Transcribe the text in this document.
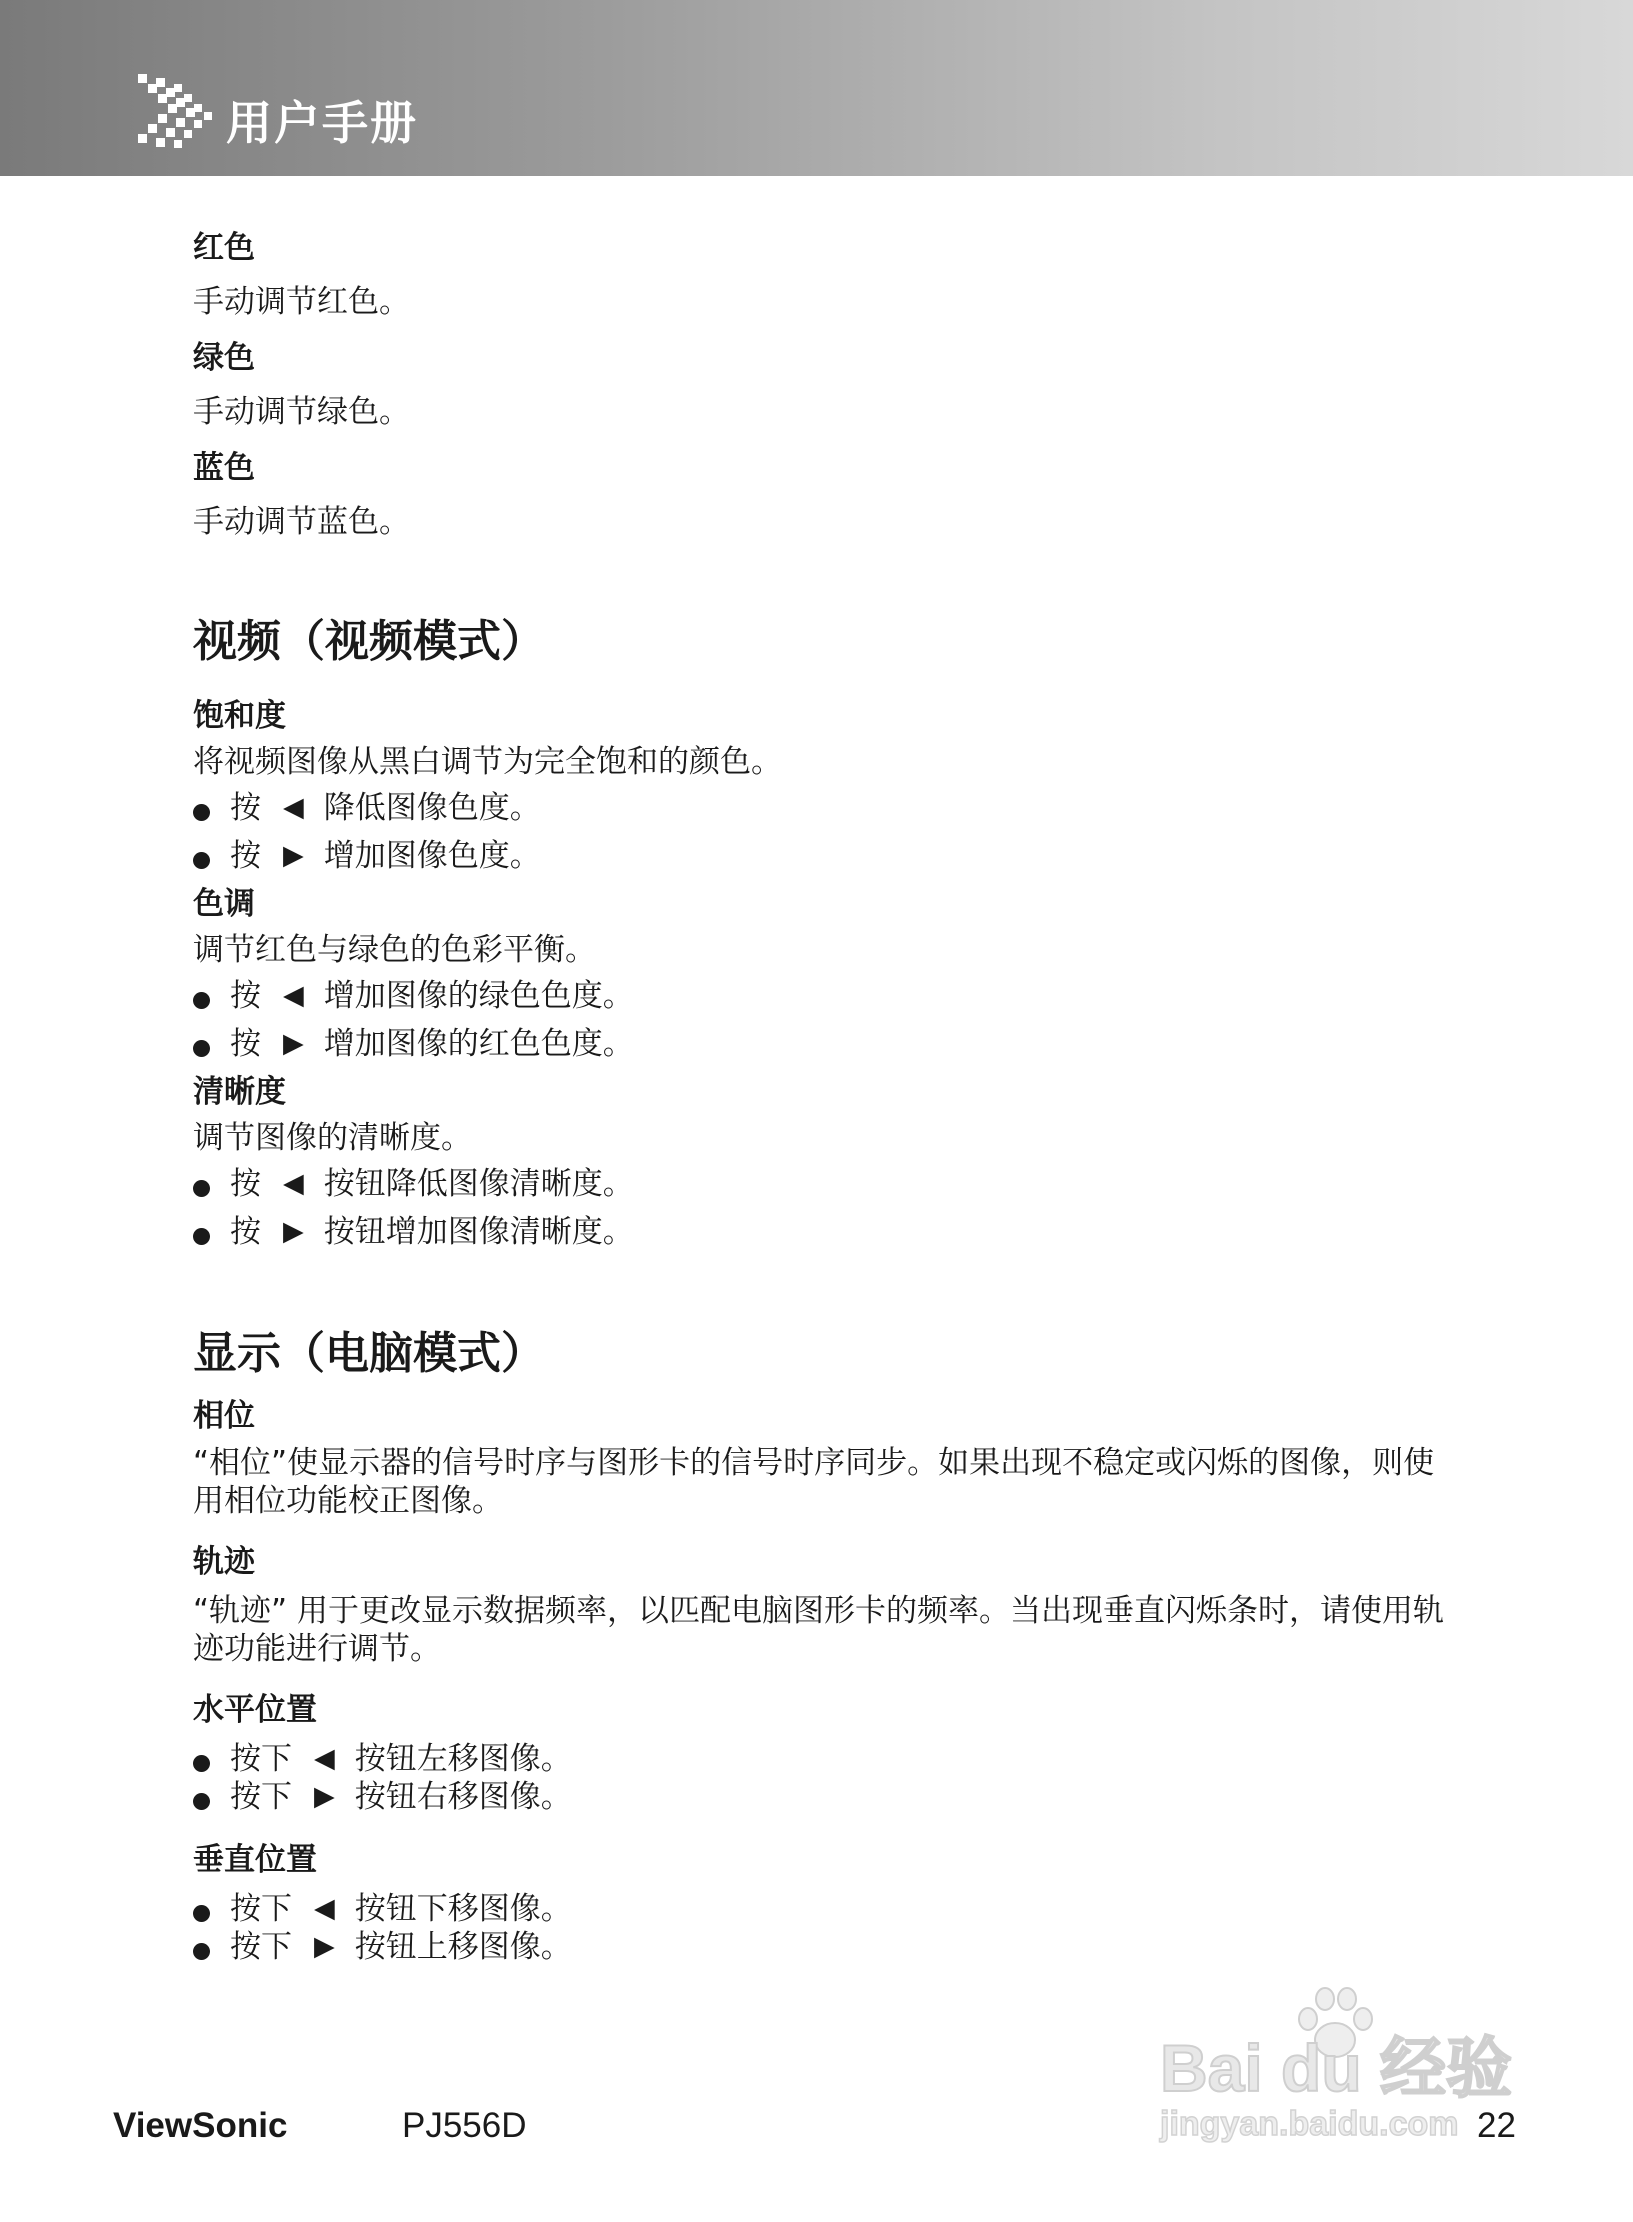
用户手册

红色

手动调节红色。

绿色

手动调节绿色。

蓝色

手动调节蓝色。

视频（视频模式）

饱和度

将视频图像从黑白调节为完全饱和的颜色。

按 ◀ 降低图像色度。
按 ▶ 增加图像色度。

色调

调节红色与绿色的色彩平衡。

按 ◀ 增加图像的绿色色度。
按 ▶ 增加图像的红色色度。

清晰度

调节图像的清晰度。

按 ◀ 按钮降低图像清晰度。
按 ▶ 按钮增加图像清晰度。

显示（电脑模式）

相位

“相位”使显示器的信号时序与图形卡的信号时序同步。如果出现不稳定或闪烁的图像，则使用相位功能校正图像。

轨迹

“轨迹” 用于更改显示数据频率，以匹配电脑图形卡的频率。当出现垂直闪烁条时，请使用轨迹功能进行调节。

水平位置

按下 ◀ 按钮左移图像。
按下 ▶ 按钮右移图像。

垂直位置

按下 ◀ 按钮下移图像。
按下 ▶ 按钮上移图像。
Bai du 经验
jingyan.baidu.com
ViewSonic	PJ556D	22
